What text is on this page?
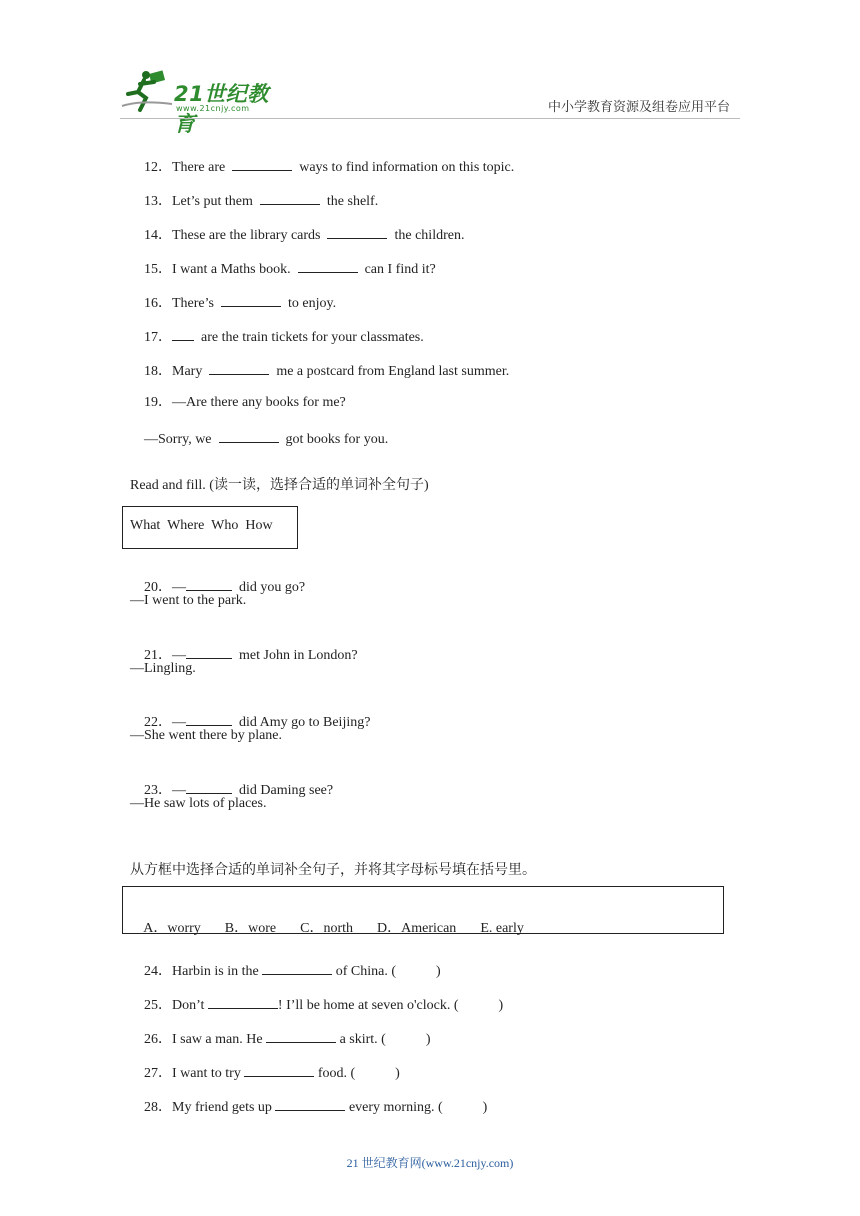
21世纪教育
www.21cnjy.com	中小学教育资源及组卷应用平台

12．There are	ways to find information on this topic.

13．Let’s put them	the shelf.

14．These are the library cards	the children.

15．I want a Maths book.	can I find it?

16．There’s	to enjoy.

17．  are the train tickets for your classmates.

18．Mary	me a postcard from England last summer.

19．—Are there any books for me?

—Sorry, we	got books for you.

Read and fill. (读一读，选择合适的单词补全句子)
What  Where  Who  How

20．—	did you go?

—I went to the park.

21．—	met John in London?

—Lingling.

22．—	did Amy go to Beijing?

—She went there by plane.

23．—	did Daming see?

—He saw lots of places.
从方框中选择合适的单词补全句子，并将其字母标号填在括号里。

A．worry B．wore C．north D．American E. early

24．Harbin is in the	of China. (	)

25．Don’t	! I’ll be home at seven o'clock. (	)

26．I saw a man. He	a skirt. (	)

27．I want to try	food. (	)

28．My friend gets up	every morning. (	)

21 世纪教育网(www.21cnjy.com)
